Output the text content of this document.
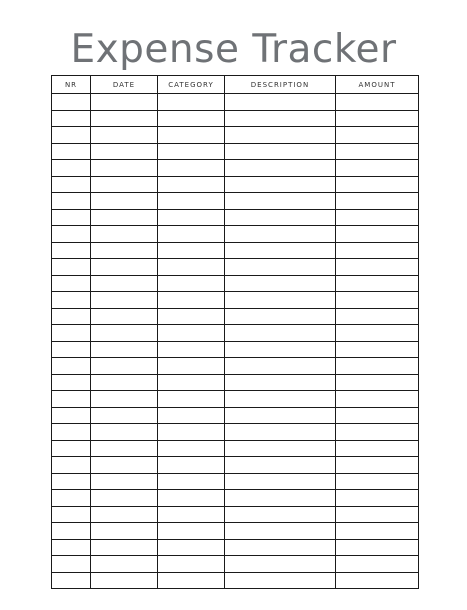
Expense Tracker
NR	DATE	CATEGORY	DESCRIPTION	AMOUNT
